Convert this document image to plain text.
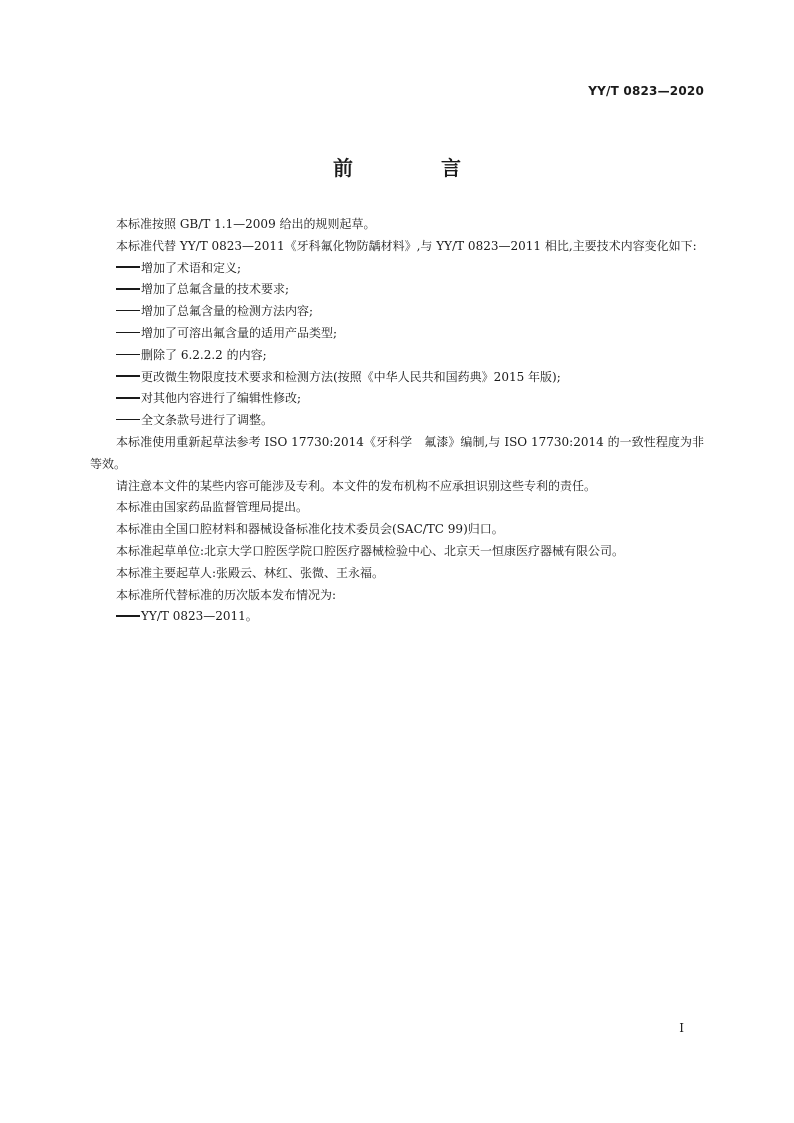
YY/T 0823—2020
前　言

本标准按照 GB/T 1.1—2009 给出的规则起草。

本标准代替 YY/T 0823—2011《牙科氟化物防龋材料》,与 YY/T 0823—2011 相比,主要技术内容变化如下:

增加了术语和定义;
增加了总氟含量的技术要求;
增加了总氟含量的检测方法内容;
增加了可溶出氟含量的适用产品类型;
删除了 6.2.2.2 的内容;
更改微生物限度技术要求和检测方法(按照《中华人民共和国药典》2015 年版);
对其他内容进行了编辑性修改;
全文条款号进行了调整。

本标准使用重新起草法参考 ISO 17730:2014《牙科学　氟漆》编制,与 ISO 17730:2014 的一致性程度为非等效。

请注意本文件的某些内容可能涉及专利。本文件的发布机构不应承担识别这些专利的责任。

本标准由国家药品监督管理局提出。

本标准由全国口腔材料和器械设备标准化技术委员会(SAC/TC 99)归口。

本标准起草单位:北京大学口腔医学院口腔医疗器械检验中心、北京天一恒康医疗器械有限公司。

本标准主要起草人:张殿云、林红、张微、王永福。

本标准所代替标准的历次版本发布情况为:

YY/T 0823—2011。
I
